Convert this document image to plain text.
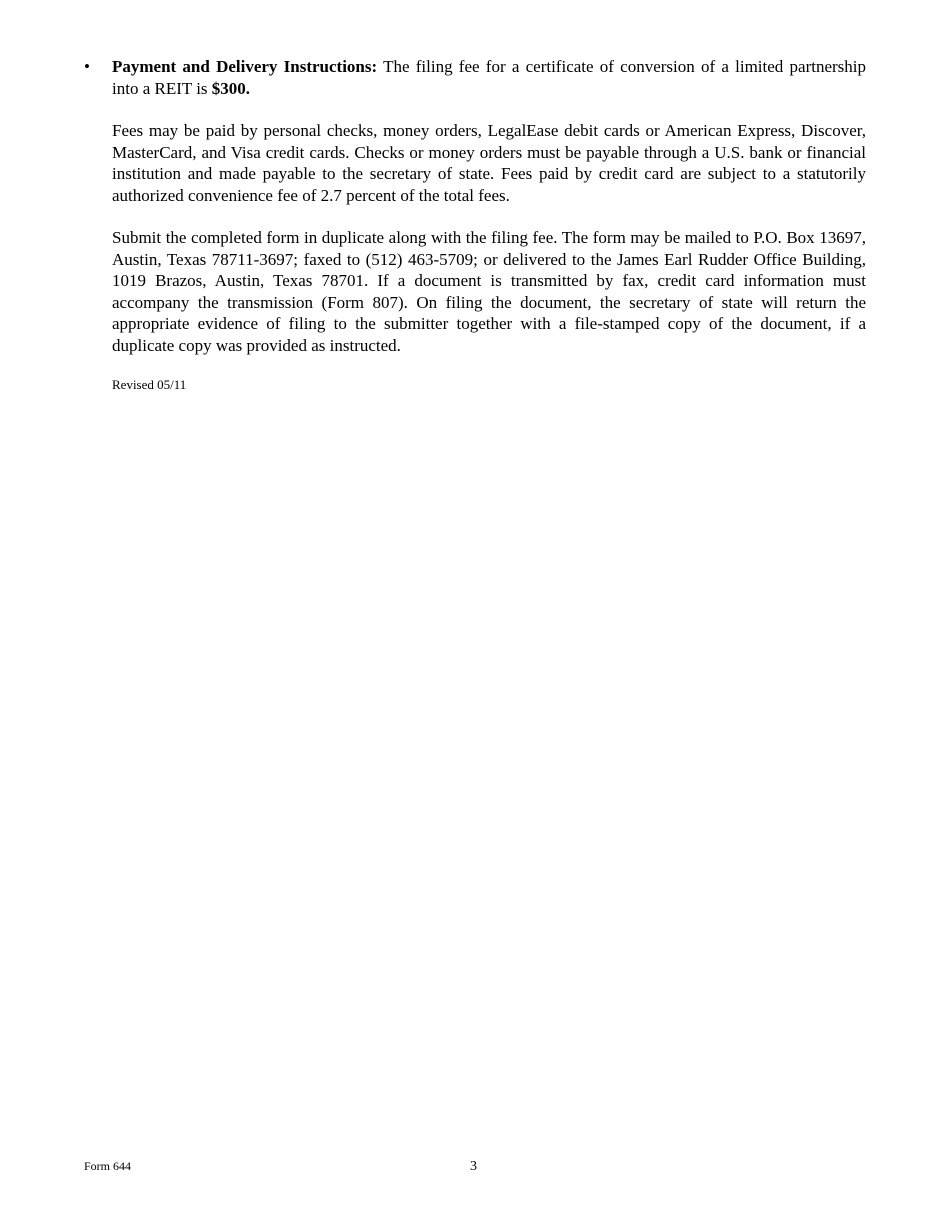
• Payment and Delivery Instructions: The filing fee for a certificate of conversion of a limited partnership into a REIT is $300.

Fees may be paid by personal checks, money orders, LegalEase debit cards or American Express, Discover, MasterCard, and Visa credit cards. Checks or money orders must be payable through a U.S. bank or financial institution and made payable to the secretary of state. Fees paid by credit card are subject to a statutorily authorized convenience fee of 2.7 percent of the total fees.

Submit the completed form in duplicate along with the filing fee. The form may be mailed to P.O. Box 13697, Austin, Texas 78711-3697; faxed to (512) 463-5709; or delivered to the James Earl Rudder Office Building, 1019 Brazos, Austin, Texas 78701. If a document is transmitted by fax, credit card information must accompany the transmission (Form 807). On filing the document, the secretary of state will return the appropriate evidence of filing to the submitter together with a file-stamped copy of the document, if a duplicate copy was provided as instructed.

Revised 05/11
Form 644	3
